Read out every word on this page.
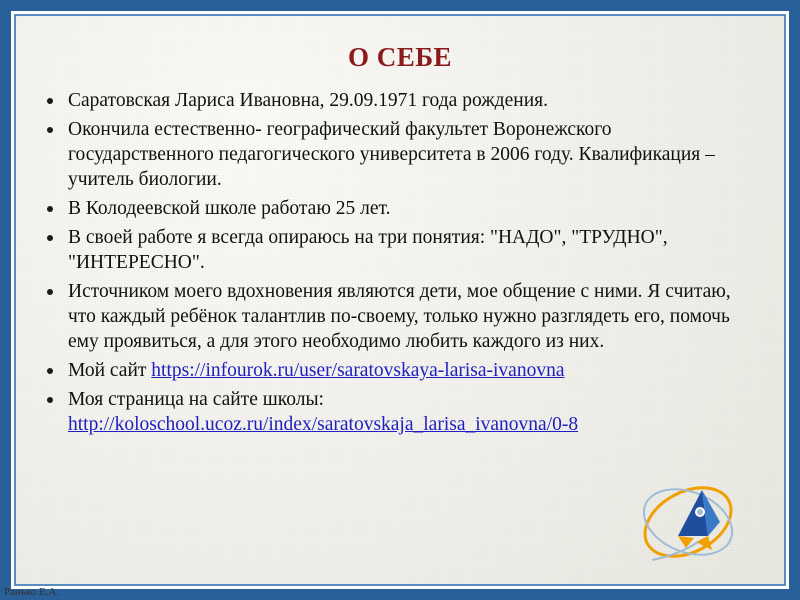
О СЕБЕ
Саратовская Лариса Ивановна, 29.09.1971 года рождения.
Окончила естественно- географический факультет Воронежского государственного педагогического университета в 2006 году. Квалификация – учитель биологии.
В Колодеевской школе работаю 25 лет.
В своей работе я всегда опираюсь на три понятия: "НАДО", "ТРУДНО", "ИНТЕРЕСНО".
Источником моего вдохновения являются дети, мое общение с ними. Я считаю, что каждый ребёнок талантлив по-своему, только нужно разглядеть его, помочь ему проявиться, а для этого необходимо любить каждого из них.
Мой сайт https://infourok.ru/user/saratovskaya-larisa-ivanovna
Моя страница на сайте школы:
http://koloschool.ucoz.ru/index/saratovskaja_larisa_ivanovna/0-8
Ранько Е.А.
